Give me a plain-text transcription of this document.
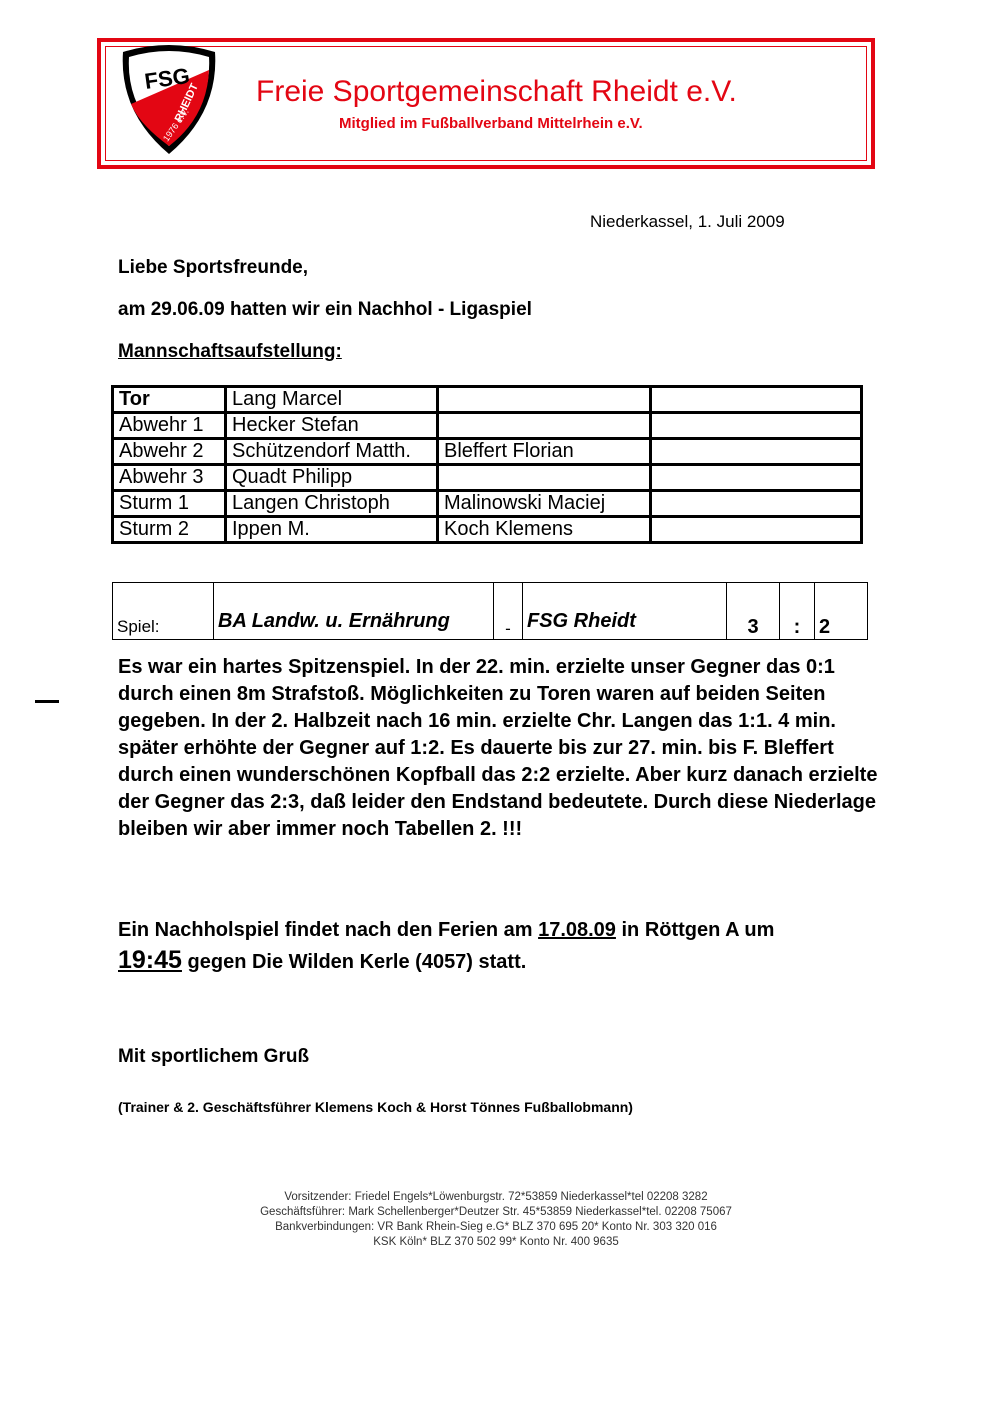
FSG
RHEIDT
1976 e.V.
Freie Sportgemeinschaft Rheidt e.V.
Mitglied im Fußballverband Mittelrhein e.V.
Niederkassel, 1. Juli 2009
Liebe Sportsfreunde,
am 29.06.09 hatten wir ein Nachhol - Ligaspiel
Mannschaftsaufstellung:
Tor	Lang Marcel		
Abwehr 1	Hecker Stefan		
Abwehr 2	Schützendorf Matth.	Bleffert Florian	
Abwehr 3	Quadt Philipp		
Sturm 1	Langen Christoph	Malinowski Maciej	
Sturm 2	Ippen M.	Koch Klemens	
Spiel:	BA Landw. u. Ernährung	-	FSG Rheidt	3	:	2
Es war ein hartes Spitzenspiel. In der 22. min. erzielte unser Gegner das 0:1 durch einen 8m Strafstoß. Möglichkeiten zu Toren waren auf beiden Seiten gegeben. In der 2. Halbzeit nach 16 min. erzielte Chr. Langen das 1:1. 4 min. später erhöhte der Gegner auf 1:2. Es dauerte bis zur 27. min. bis F. Bleffert durch einen wunderschönen Kopfball das 2:2 erzielte. Aber kurz danach erzielte der Gegner das 2:3, daß leider den Endstand bedeutete. Durch diese Niederlage bleiben wir aber immer noch Tabellen 2. !!!
Ein Nachholspiel findet nach den Ferien am 17.08.09 in Röttgen A um
19:45 gegen Die Wilden Kerle (4057) statt.
Mit sportlichem Gruß
(Trainer & 2. Geschäftsführer Klemens Koch & Horst Tönnes Fußballobmann)
Vorsitzender: Friedel Engels*Löwenburgstr. 72*53859 Niederkassel*tel 02208 3282
Geschäftsführer: Mark Schellenberger*Deutzer Str. 45*53859 Niederkassel*tel. 02208 75067
Bankverbindungen: VR Bank Rhein-Sieg e.G* BLZ 370 695 20* Konto Nr. 303 320 016
KSK Köln* BLZ 370 502 99* Konto Nr. 400 9635
